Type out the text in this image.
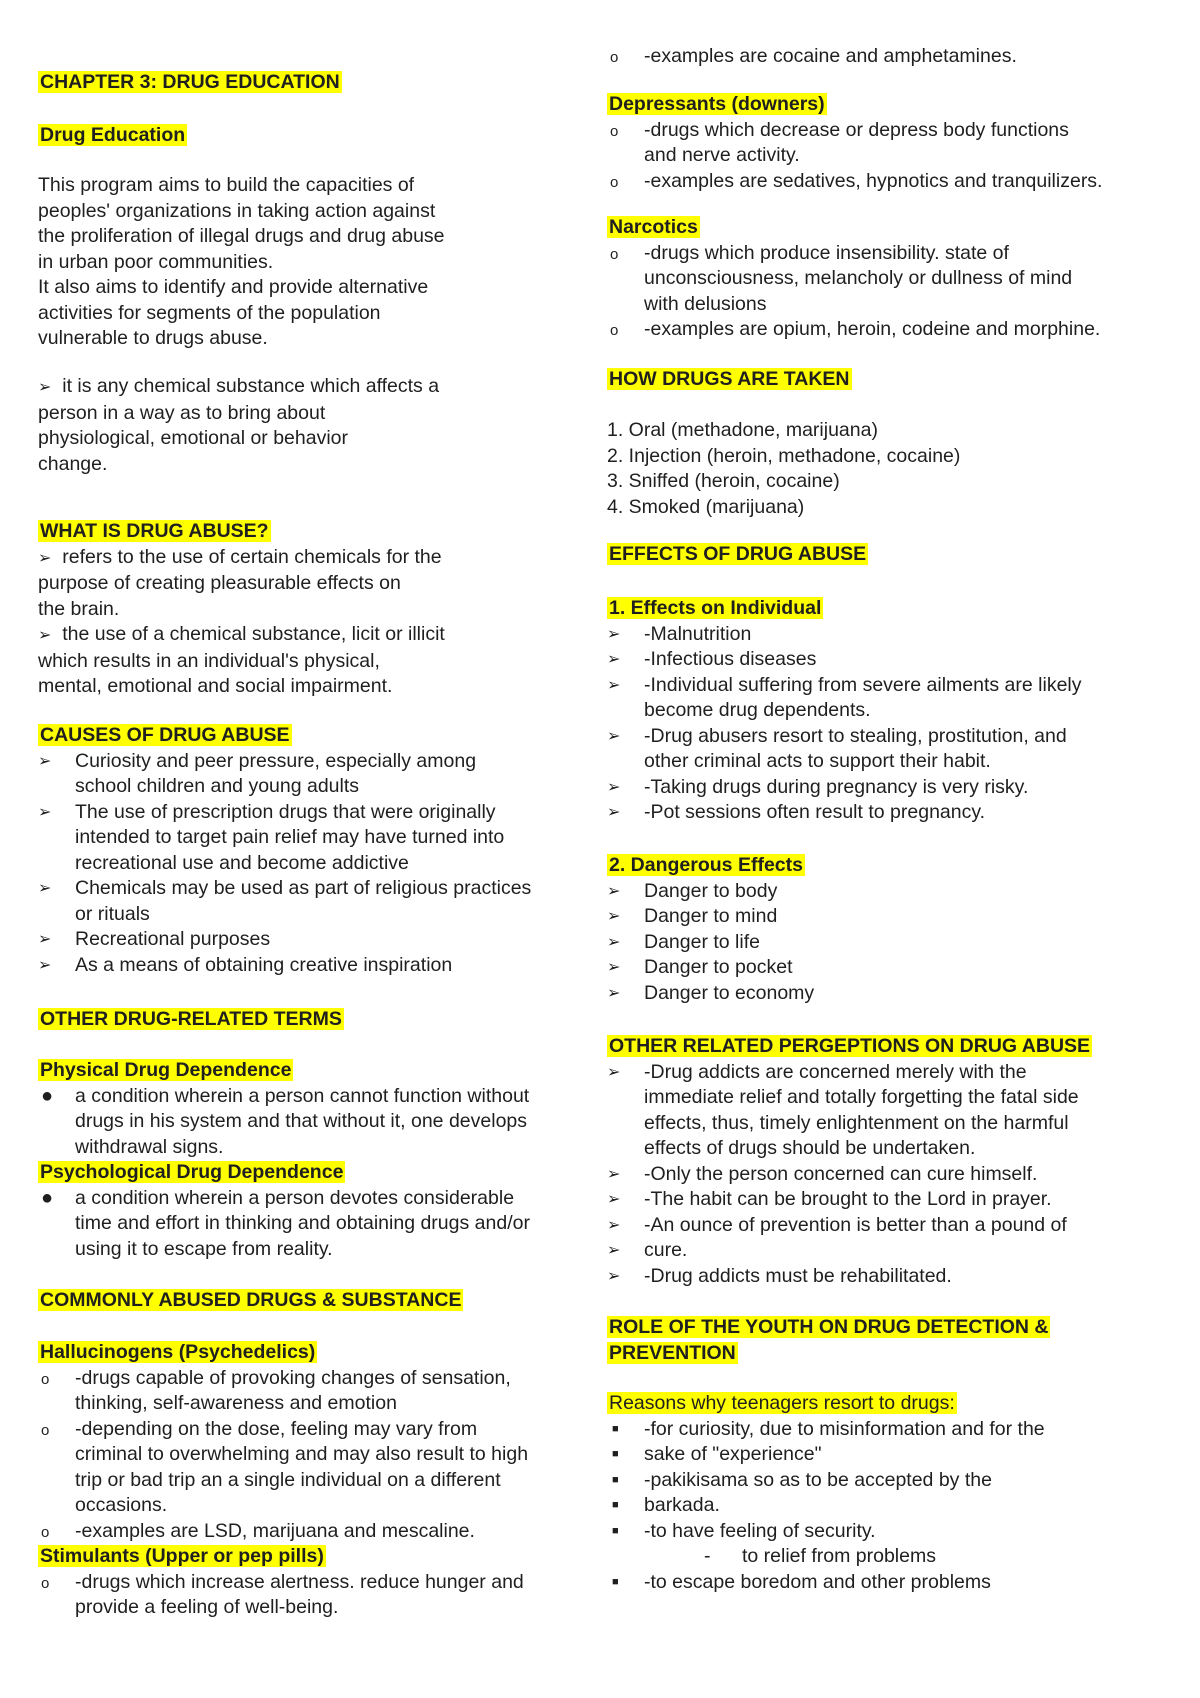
CHAPTER 3: DRUG EDUCATION
Drug Education
This program aims to build the capacities of
peoples' organizations in taking action against
the proliferation of illegal drugs and drug abuse
in urban poor communities.
It also aims to identify and provide alternative
activities for segments of the population
vulnerable to drugs abuse.
➢ it is any chemical substance which affects a
person in a way as to bring about
physiological, emotional or behavior
change.
WHAT IS DRUG ABUSE?
➢ refers to the use of certain chemicals for the
purpose of creating pleasurable effects on
the brain.
➢ the use of a chemical substance, licit or illicit
which results in an individual's physical,
mental, emotional and social impairment.
CAUSES OF DRUG ABUSE
➢	Curiosity and peer pressure, especially among
school children and young adults
➢	The use of prescription drugs that were originally
intended to target pain relief may have turned into
recreational use and become addictive
➢	Chemicals may be used as part of religious practices
or rituals
➢	Recreational purposes
➢	As a means of obtaining creative inspiration
OTHER DRUG-RELATED TERMS
Physical Drug Dependence
●	a condition wherein a person cannot function without
drugs in his system and that without it, one develops
withdrawal signs.
Psychological Drug Dependence
●	a condition wherein a person devotes considerable
time and effort in thinking and obtaining drugs and/or
using it to escape from reality.
COMMONLY ABUSED DRUGS & SUBSTANCE
Hallucinogens (Psychedelics)
o	-drugs capable of provoking changes of sensation,
thinking, self-awareness and emotion
o	-depending on the dose, feeling may vary from
criminal to overwhelming and may also result to high
trip or bad trip an a single individual on a different
occasions.
o	-examples are LSD, marijuana and mescaline.
Stimulants (Upper or pep pills)
o	-drugs which increase alertness. reduce hunger and
provide a feeling of well-being.
o	-examples are cocaine and amphetamines.
Depressants (downers)
o	-drugs which decrease or depress body functions
and nerve activity.
o	-examples are sedatives, hypnotics and tranquilizers.
Narcotics
o	-drugs which produce insensibility. state of
unconsciousness, melancholy or dullness of mind
with delusions
o	-examples are opium, heroin, codeine and morphine.
HOW DRUGS ARE TAKEN
1. Oral (methadone, marijuana)
2. Injection (heroin, methadone, cocaine)
3. Sniffed (heroin, cocaine)
4. Smoked (marijuana)
EFFECTS OF DRUG ABUSE
1. Effects on Individual
➢	-Malnutrition
➢	-Infectious diseases
➢	-Individual suffering from severe ailments are likely
become drug dependents.
➢	-Drug abusers resort to stealing, prostitution, and
other criminal acts to support their habit.
➢	-Taking drugs during pregnancy is very risky.
➢	-Pot sessions often result to pregnancy.
2. Dangerous Effects
➢	Danger to body
➢	Danger to mind
➢	Danger to life
➢	Danger to pocket
➢	Danger to economy
OTHER RELATED PERGEPTIONS ON DRUG ABUSE
➢	-Drug addicts are concerned merely with the
immediate relief and totally forgetting the fatal side
effects, thus, timely enlightenment on the harmful
effects of drugs should be undertaken.
➢	-Only the person concerned can cure himself.
➢	-The habit can be brought to the Lord in prayer.
➢	-An ounce of prevention is better than a pound of
➢	cure.
➢	-Drug addicts must be rehabilitated.
ROLE OF THE YOUTH ON DRUG DETECTION &
PREVENTION
Reasons why teenagers resort to drugs:
■	-for curiosity, due to misinformation and for the
■	sake of "experience"
■	-pakikisama so as to be accepted by the
■	barkada.
■	-to have feeling of security.
-	to relief from problems
■	-to escape boredom and other problems
